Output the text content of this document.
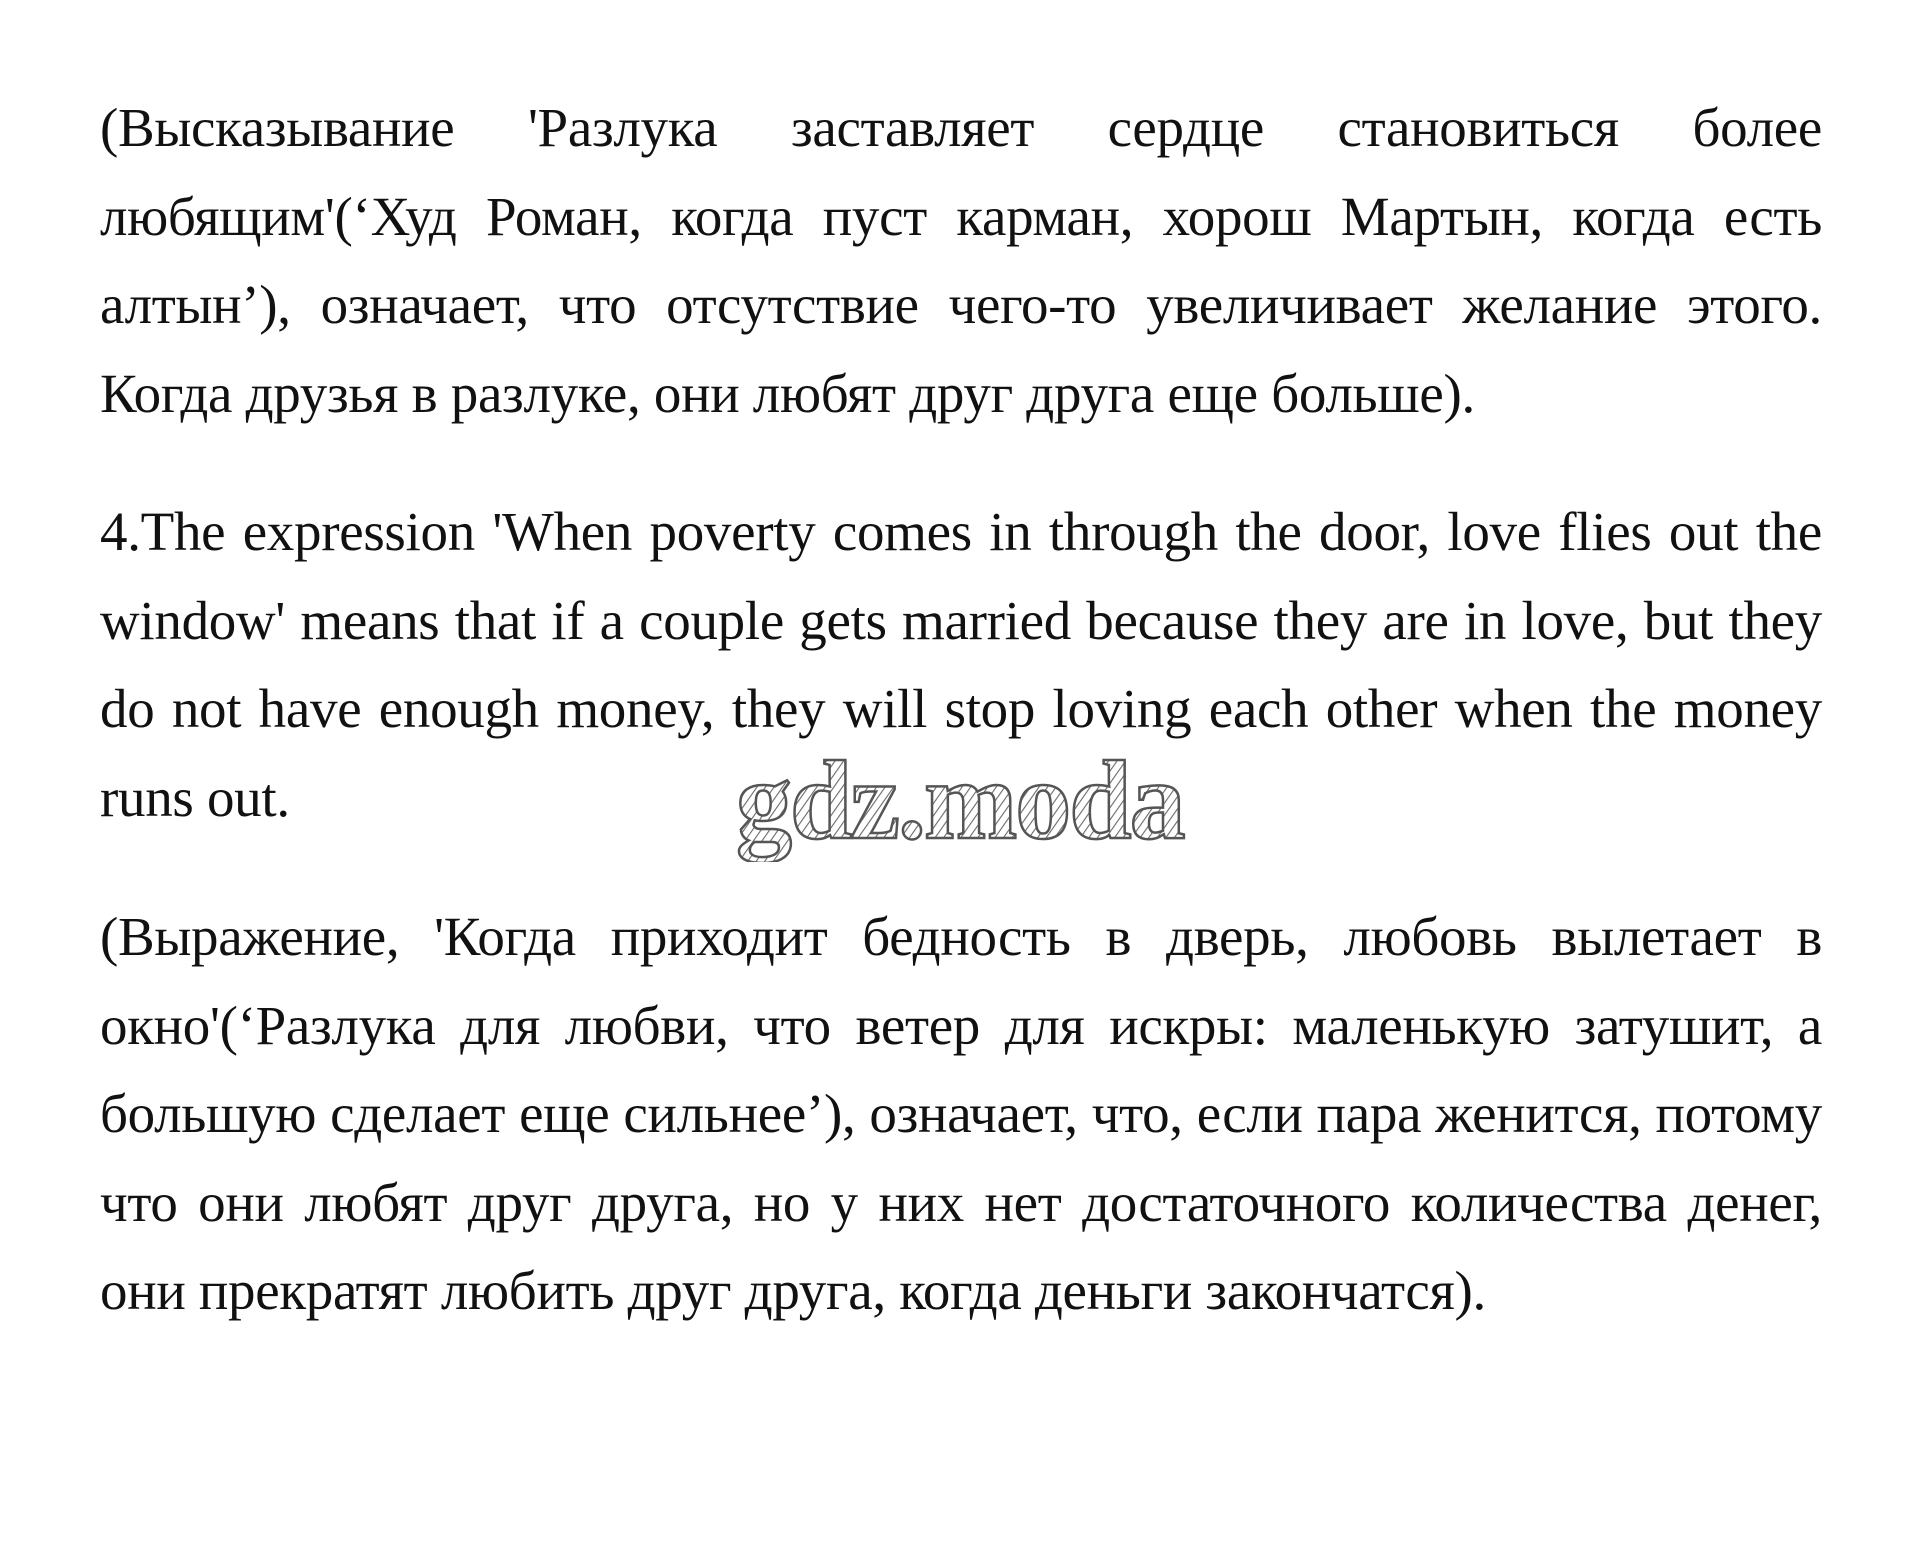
(Высказывание 'Разлука заставляет сердце становиться более любящим'(‘Худ Роман, когда пуст карман, хорош Мартын, когда есть алтын’), означает, что отсутствие чего-то увеличивает желание этого. Когда друзья в разлуке, они любят друг друга еще больше).

4.The expression 'When poverty comes in through the door, love flies out the window' means that if a couple gets married because they are in love, but they do not have enough money, they will stop loving each other when the money runs out.

(Выражение, 'Когда приходит бедность в дверь, любовь вылетает в окно'(‘Разлука для любви, что ветер для искры: маленькую затушит, а большую сделает еще сильнее’), означает, что, если пара женится, потому что они любят друг друга, но у них нет достаточного количества денег, они прекратят любить друг друга, когда деньги закончатся).

gdz.moda
